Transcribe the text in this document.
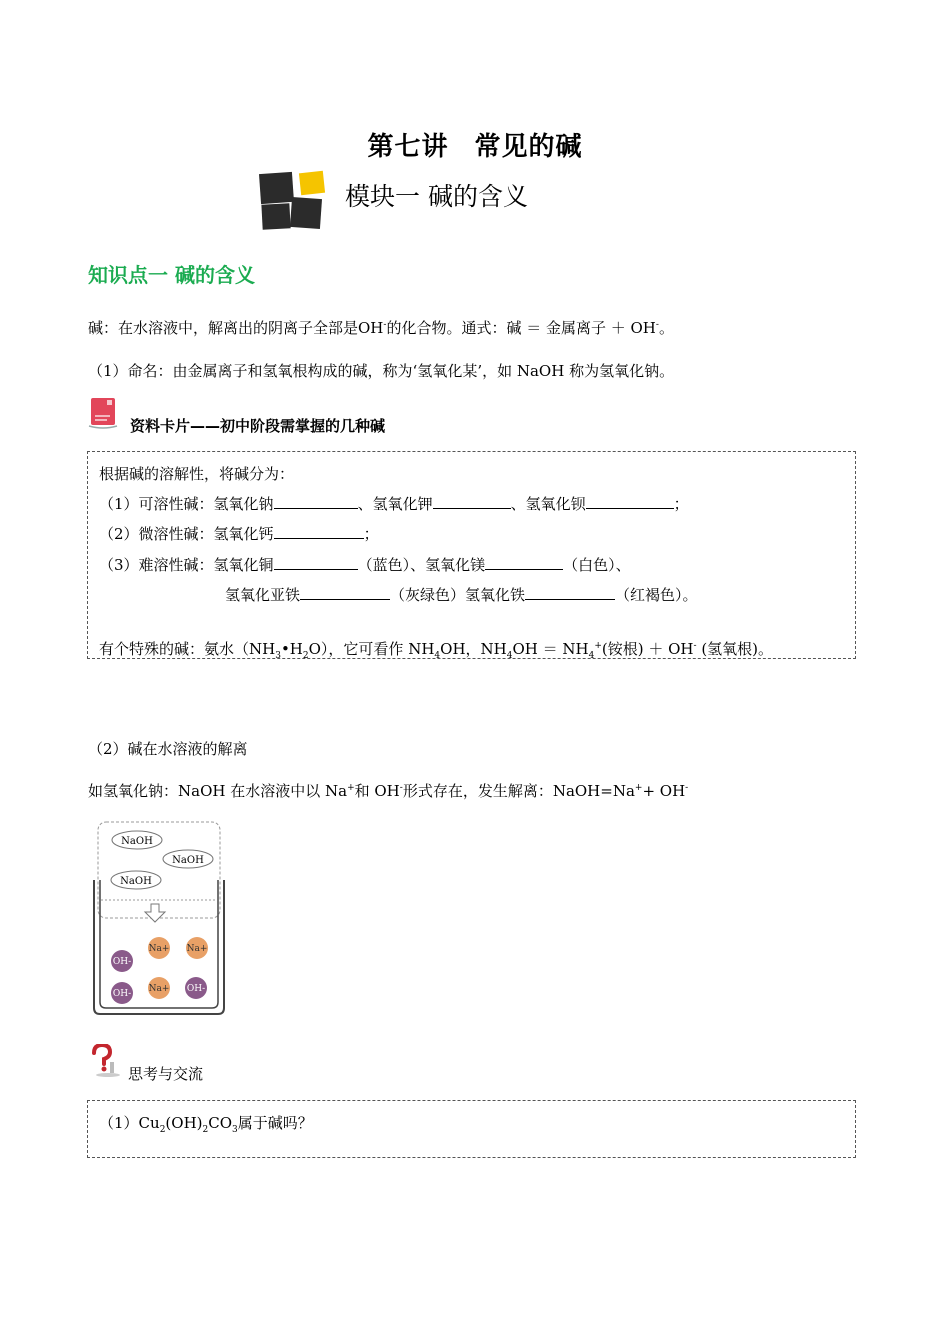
第七讲 常见的碱
模块一 碱的含义
知识点一 碱的含义
碱：在水溶液中，解离出的阴离子全部是OH-的化合物。通式：碱 ＝ 金属离子 ＋ OH-。
（1）命名：由金属离子和氢氧根构成的碱，称为‘氢氧化某’，如 NaOH 称为氢氧化钠。
资料卡片——初中阶段需掌握的几种碱
根据碱的溶解性，将碱分为：
（1）可溶性碱：氢氧化钠	、氢氧化钾	、氢氧化钡	；
（2）微溶性碱：氢氧化钙	；
（3）难溶性碱：氢氧化铜	（蓝色）、氢氧化镁	（白色）、
氢氧化亚铁	（灰绿色）氢氧化铁	（红褐色）。
有个特殊的碱：氨水$(NH_3•H_2O)$，它可看作 $NH_4OH$，$NH_4OH = NH_4^+$(铵根) ＋ OH- (氢氧根)。
（2）碱在水溶液的解离
如氢氧化钠：NaOH 在水溶液中以 Na+和 OH-形式存在，发生解离：NaOH=Na++ OH-
NaOH
NaOH
NaOH
Na+ Na+
OH-
Na+
OH-	OH-
思考与交流
$(1)Cu_2(OH)_2CO_3$属于碱吗？
